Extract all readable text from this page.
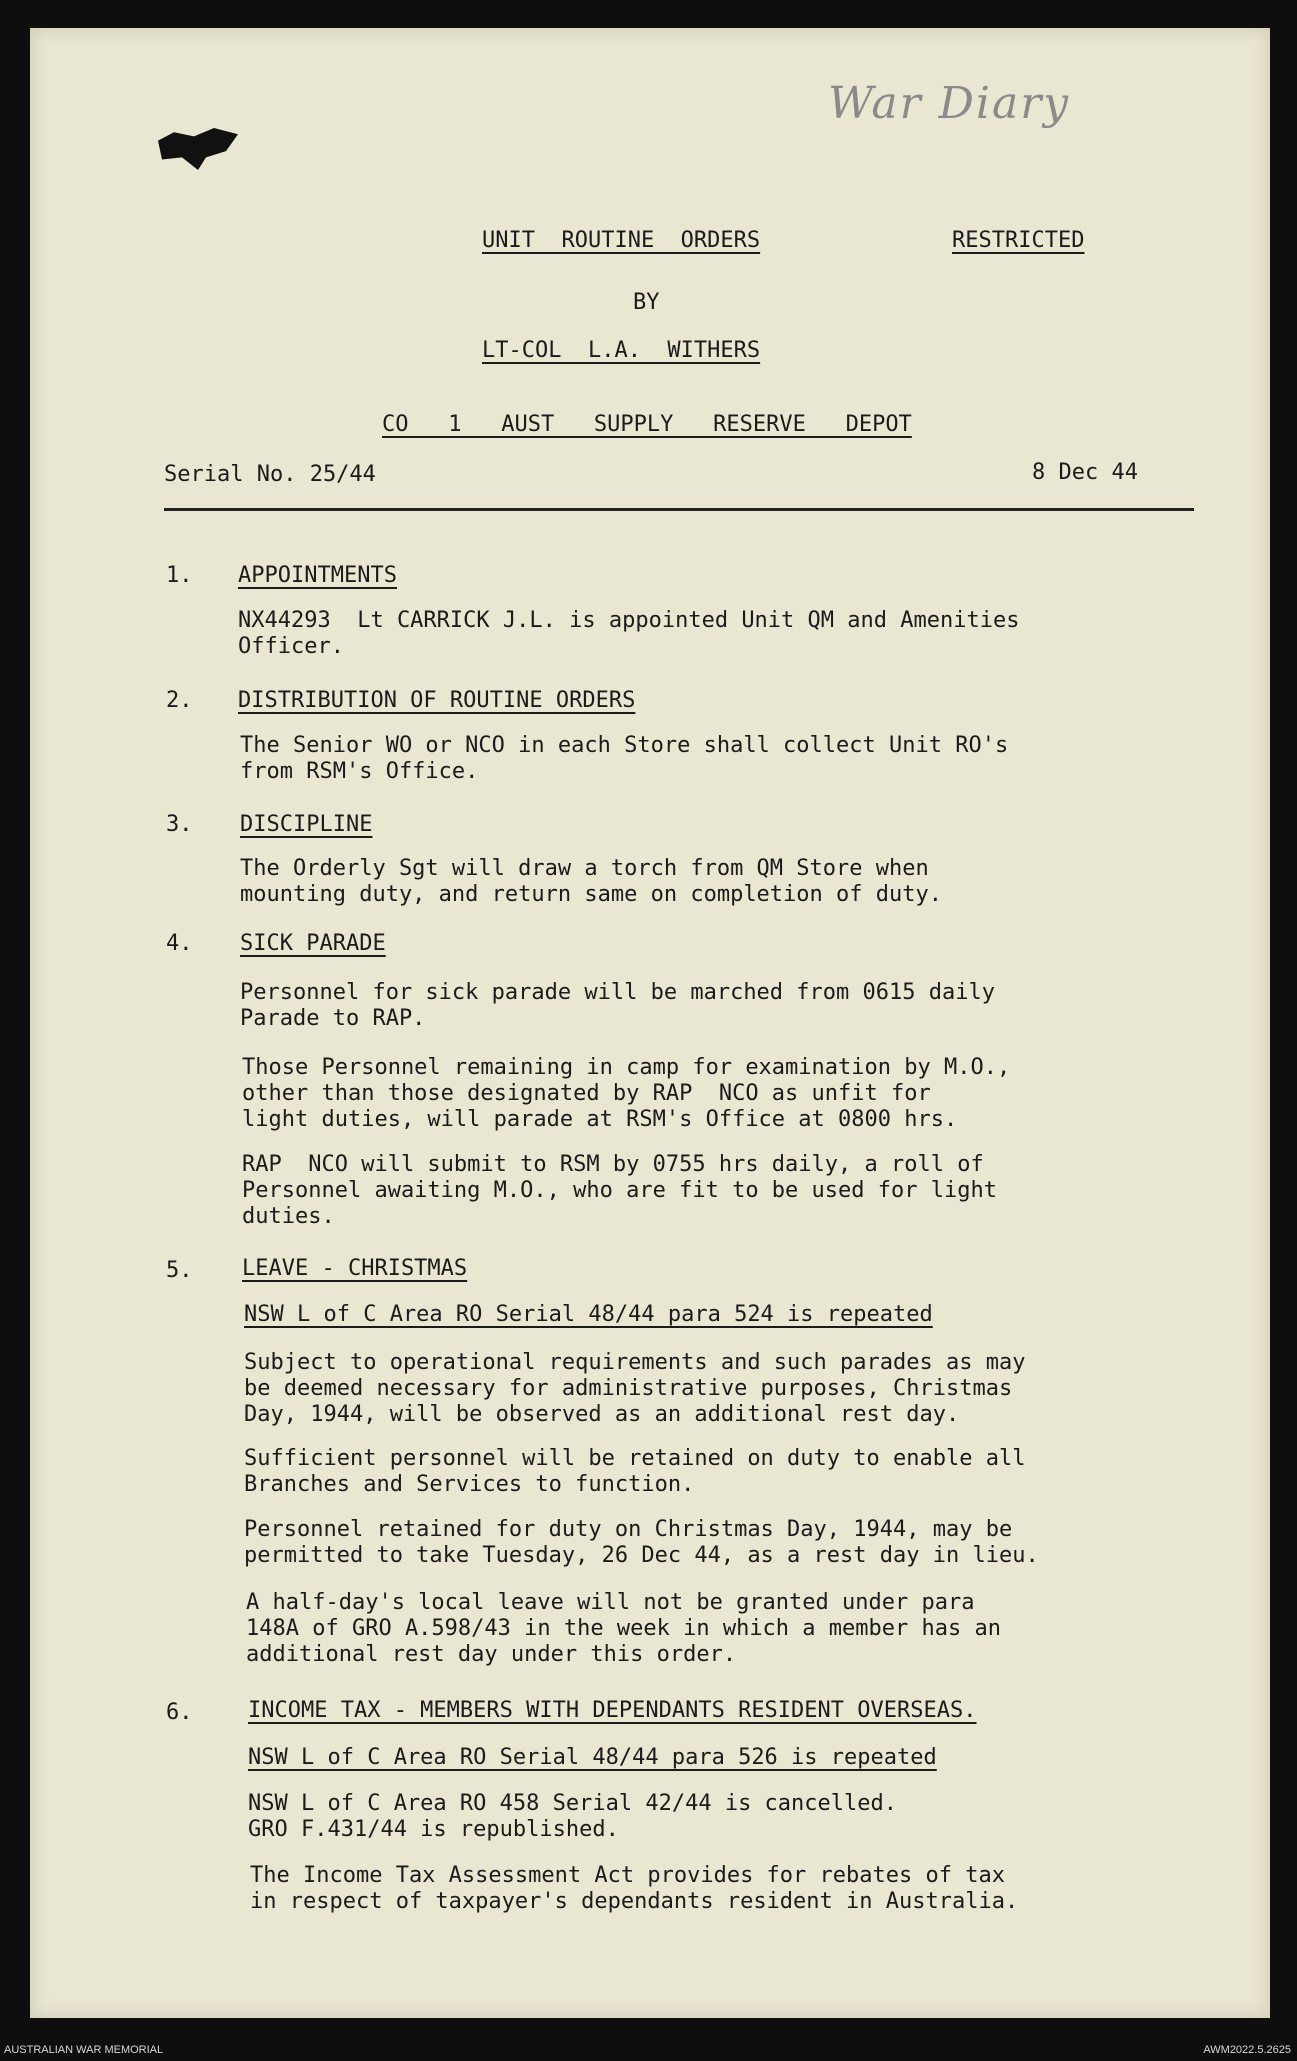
War Diary
UNIT  ROUTINE  ORDERS	RESTRICTED
BY
LT-COL  L.A.  WITHERS
CO   1   AUST   SUPPLY   RESERVE   DEPOT
Serial No. 25/44	8 Dec 44
1. APPOINTMENTS
NX44293  Lt CARRICK J.L. is appointed Unit QM and Amenities
Officer.
2. DISTRIBUTION OF ROUTINE ORDERS
The Senior WO or NCO in each Store shall collect Unit RO's
from RSM's Office.
3. DISCIPLINE
The Orderly Sgt will draw a torch from QM Store when
mounting duty, and return same on completion of duty.
4. SICK PARADE
Personnel for sick parade will be marched from 0615 daily
Parade to RAP.
Those Personnel remaining in camp for examination by M.O.,
other than those designated by RAP  NCO as unfit for
light duties, will parade at RSM's Office at 0800 hrs.
RAP  NCO will submit to RSM by 0755 hrs daily, a roll of
Personnel awaiting M.O., who are fit to be used for light
duties.
5. LEAVE - CHRISTMAS
NSW L of C Area RO Serial 48/44 para 524 is repeated
Subject to operational requirements and such parades as may
be deemed necessary for administrative purposes, Christmas
Day, 1944, will be observed as an additional rest day.
Sufficient personnel will be retained on duty to enable all
Branches and Services to function.
Personnel retained for duty on Christmas Day, 1944, may be
permitted to take Tuesday, 26 Dec 44, as a rest day in lieu.
A half-day's local leave will not be granted under para
148A of GRO A.598/43 in the week in which a member has an
additional rest day under this order.
6.	INCOME TAX - MEMBERS WITH DEPENDANTS RESIDENT OVERSEAS.
NSW L of C Area RO Serial 48/44 para 526 is repeated
NSW L of C Area RO 458 Serial 42/44 is cancelled.
GRO F.431/44 is republished.
The Income Tax Assessment Act provides for rebates of tax
in respect of taxpayer's dependants resident in Australia.
AUSTRALIAN WAR MEMORIAL	AWM2022.5.2625
